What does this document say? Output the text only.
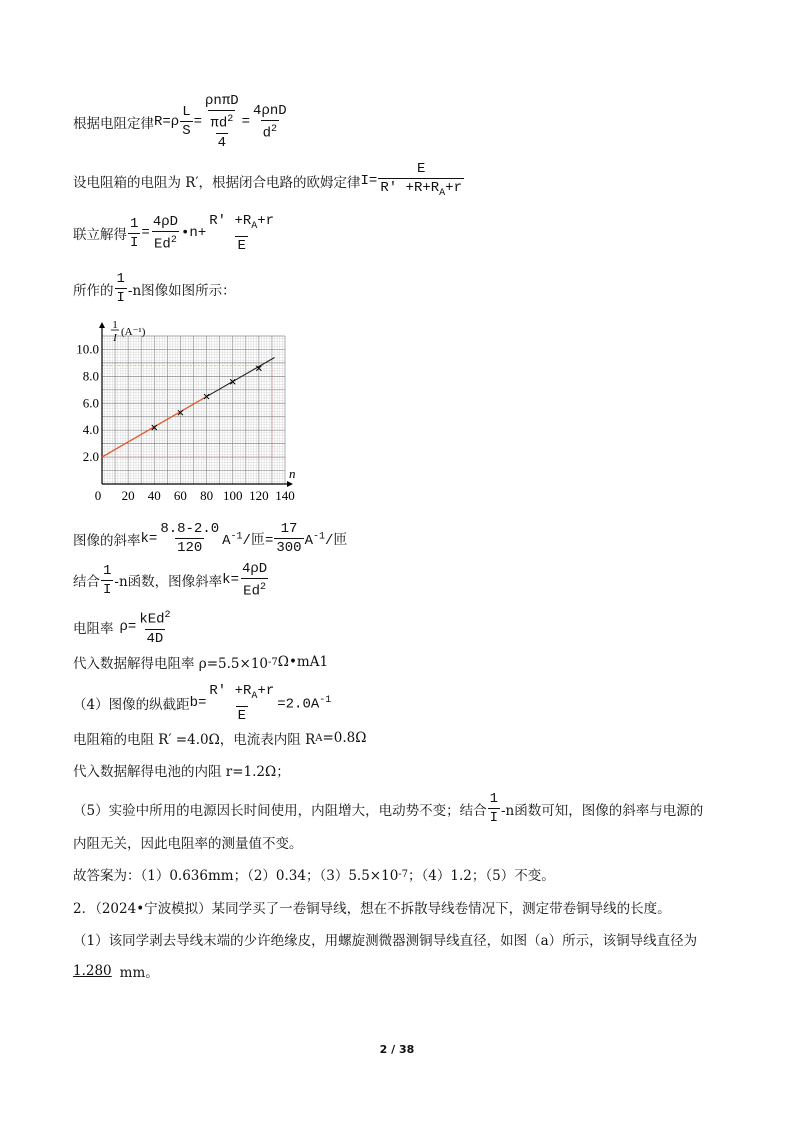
根据电阻定律 $R=\rho \frac{L}{S} = \frac{\text{ρnπD}}{\frac{\pi d^2}{4}} = \frac{\text{4ρnD}}{d^2}$
设电阻箱的电阻为 R′，根据闭合电路的欧姆定律 $I= \frac{E}{R' +R+R_A+r}$
联立解得 $\frac{1}{I} = \frac{4\rho D}{Ed^2}$ •n+ $\frac{R' +R_A+r}{E}$
所作的 $\frac{1}{I} -n$图像如图所示：
0 20 40 60 80 100 120 140
2.0
4.0
6.0
8.0
10.0
n
1
I (A⁻¹)
图像的斜率 $k= \frac{8.8-2.0}{120} A^{-1}/$匝= $\frac{17}{300} A^{-1}/$匝
结合 $\frac{1}{I} -n$函数，图像斜率 $k= \frac{4\rho D}{Ed^2}$
电阻率 $\rho= \frac{kEd^2}{4D}$
代入数据解得电阻率 ρ=5.5×10 -7 Ω•mA1
（4）图像的纵截距 $b= \frac{R' +R_A+r}{E} =2.0A^{-1}$
电阻箱的电阻 R′ =4.0Ω，电流表内阻 R A =0.8Ω
代入数据解得电池的内阻 r=1.2Ω；
（5）实验中所用的电源因长时间使用，内阻增大，电动势不变；结合 $\frac{1}{I} -n$函数可知，图像的斜率与电源的
内阻无关，因此电阻率的测量值不变。
故答案为：（1）0.636mm；（2）0.34；（3）5.5×10 -7 ；（4）1.2；（5）不变。
2．（2024•宁波模拟）某同学买了一卷铜导线，想在不拆散导线卷情况下，测定带卷铜导线的长度。
（1）该同学剥去导线末端的少许绝缘皮，用螺旋测微器测铜导线直径，如图（a）所示，该铜导线直径为
1.280 mm。
2 / 38
